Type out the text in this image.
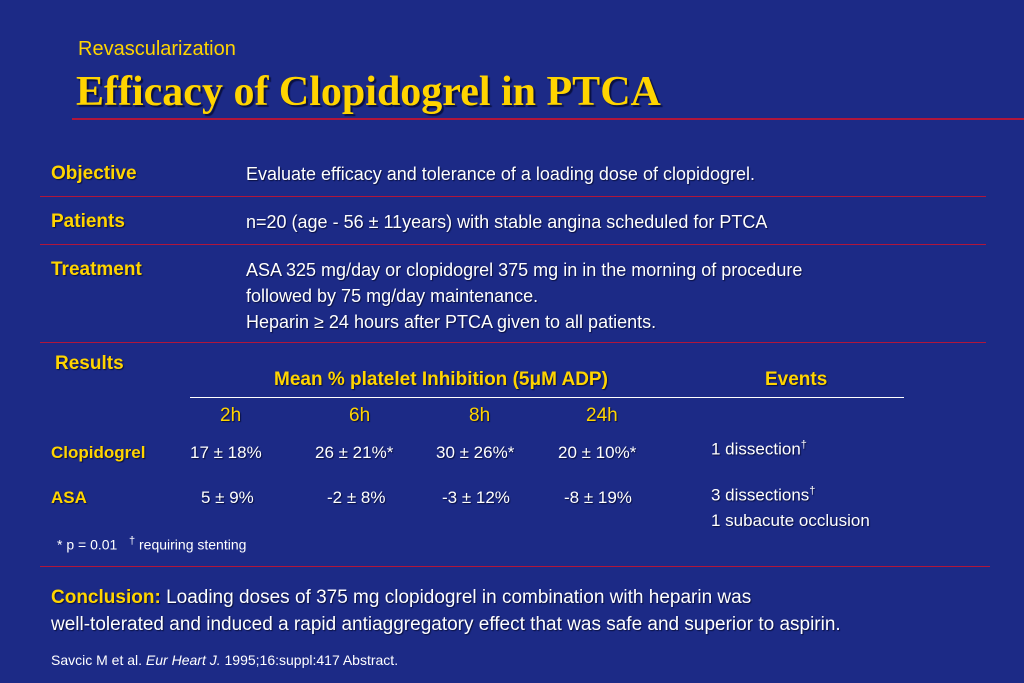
Revascularization
Efficacy of Clopidogrel in PTCA
Objective	Evaluate efficacy and tolerance of a loading dose of clopidogrel.
Patients	n=20 (age - 56 ± 11years) with stable angina scheduled for PTCA
Treatment	ASA 325 mg/day or clopidogrel 375 mg in in the morning of procedure
followed by 75 mg/day maintenance.
Heparin ≥ 24 hours after PTCA given to all patients.
Results
Mean % platelet Inhibition (5μM ADP)	Events
2h	6h	8h	24h
Clopidogrel	17 ± 18%	26 ± 21%*	30 ± 26%*	20 ± 10%*	1 dissection†
ASA	5 ± 9%	-2 ± 8%	-3 ± 12%	-8 ± 19%	3 dissections†
1 subacute occlusion
* p = 0.01 † requiring stenting
Conclusion: Loading doses of 375 mg clopidogrel in combination with heparin was
well-tolerated and induced a rapid antiaggregatory effect that was safe and superior to aspirin.
Savcic M et al. Eur Heart J. 1995;16:suppl:417 Abstract.
